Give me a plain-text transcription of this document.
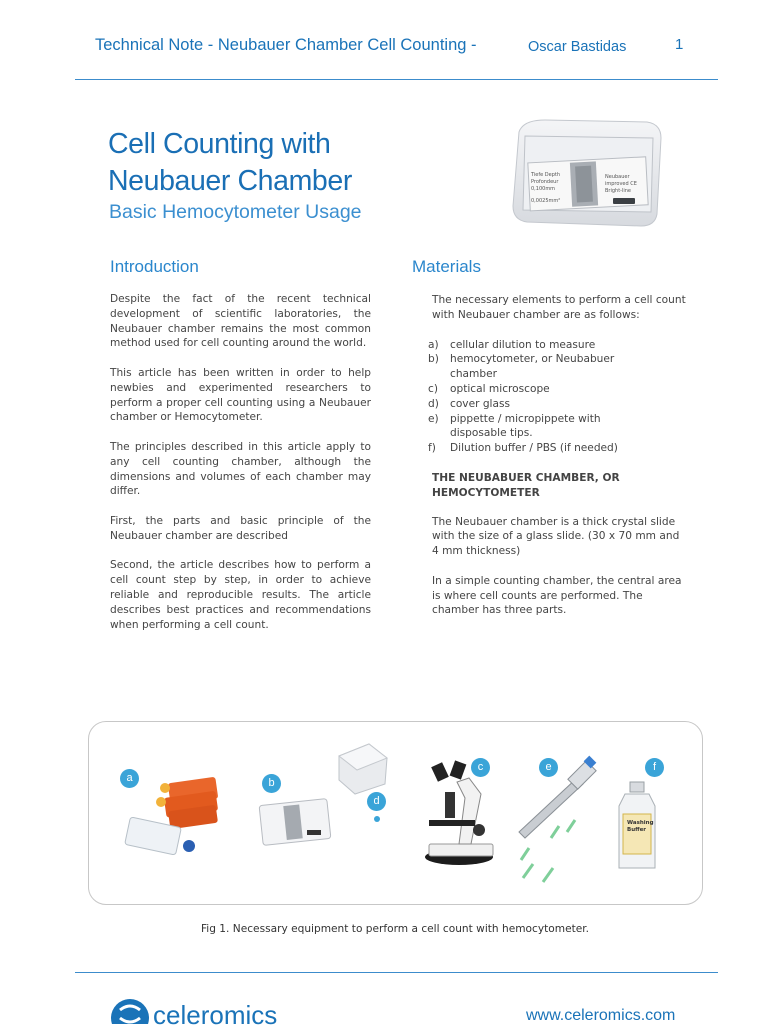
Technical Note - Neubauer Chamber Cell Counting -	Oscar Bastidas	1
Cell Counting with
Neubauer Chamber
Basic Hemocytometer Usage
Tiefe Depth
Profondeur
0,100mm
0,0025mm²
Neubauer
improved CE
Bright-line
Introduction	Materials

Despite the fact of the recent technical development of scientific laboratories, the Neubauer chamber remains the most common method used for cell counting around the world.

This article has been written in order to help newbies and experimented researchers to perform a proper cell counting using a Neubauer chamber or Hemocytometer.

The principles described in this article apply to any cell counting chamber, although the dimensions and volumes of each chamber may differ.

First, the parts and basic principle of the Neubauer chamber are described

Second, the article describes how to perform a cell count step by step, in order to achieve reliable and reproducible results. The article describes best practices and recommendations when performing a cell count.

The necessary elements to perform a cell count with Neubauer chamber are as follows:

a) cellular dilution to measure
b) hemocytometer, or Neubabuer chamber
c) optical microscope
d) cover glass
e) pippette / micropippete with disposable tips.
f) Dilution buffer / PBS (if needed)
THE NEUBABUER CHAMBER, OR
HEMOCYTOMETER

The Neubauer chamber is a thick crystal slide with the size of a glass slide. (30 x 70 mm and 4 mm thickness)

In a simple counting chamber, the central area is where cell counts are performed. The chamber has three parts.

Washing
Buffer
a	b
c
d
e	f
Fig 1. Necessary equipment to perform a cell count with hemocytometer.
celeromics	www.celeromics.com
